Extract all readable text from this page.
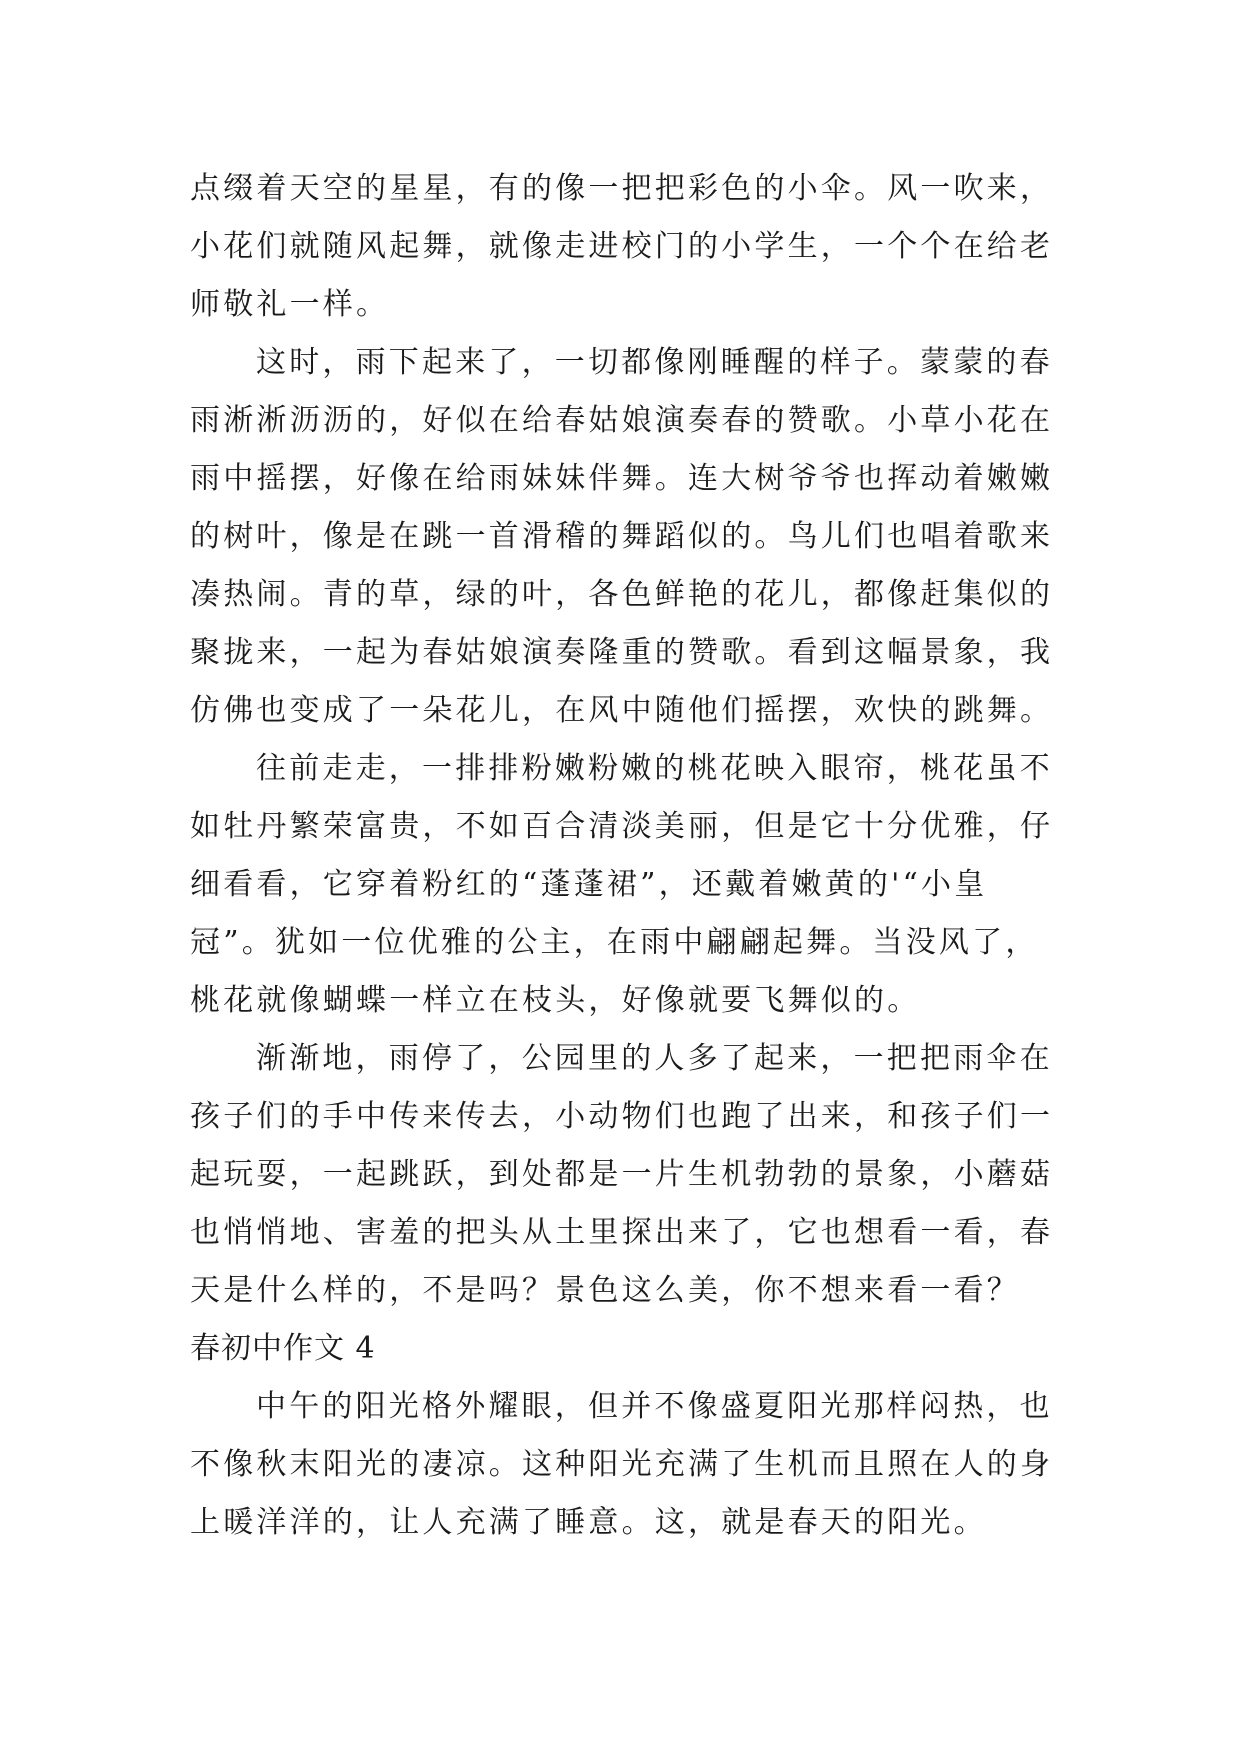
点缀着天空的星星，有的像一把把彩色的小伞。风一吹来，
小花们就随风起舞，就像走进校门的小学生，一个个在给老
师敬礼一样。
这时，雨下起来了，一切都像刚睡醒的样子。蒙蒙的春
雨淅淅沥沥的，好似在给春姑娘演奏春的赞歌。小草小花在
雨中摇摆，好像在给雨妹妹伴舞。连大树爷爷也挥动着嫩嫩
的树叶，像是在跳一首滑稽的舞蹈似的。鸟儿们也唱着歌来
凑热闹。青的草，绿的叶，各色鲜艳的花儿，都像赶集似的
聚拢来，一起为春姑娘演奏隆重的赞歌。看到这幅景象，我
仿佛也变成了一朵花儿，在风中随他们摇摆，欢快的跳舞。
往前走走，一排排粉嫩粉嫩的桃花映入眼帘，桃花虽不
如牡丹繁荣富贵，不如百合清淡美丽，但是它十分优雅，仔
细看看，它穿着粉红的“蓬蓬裙”，还戴着嫩黄的'“小皇
冠”。犹如一位优雅的公主，在雨中翩翩起舞。当没风了，
桃花就像蝴蝶一样立在枝头，好像就要飞舞似的。
渐渐地，雨停了，公园里的人多了起来，一把把雨伞在
孩子们的手中传来传去，小动物们也跑了出来，和孩子们一
起玩耍，一起跳跃，到处都是一片生机勃勃的景象，小蘑菇
也悄悄地、害羞的把头从土里探出来了，它也想看一看，春
天是什么样的，不是吗？景色这么美，你不想来看一看？
春初中作文 4
中午的阳光格外耀眼，但并不像盛夏阳光那样闷热，也
不像秋末阳光的凄凉。这种阳光充满了生机而且照在人的身
上暖洋洋的，让人充满了睡意。这，就是春天的阳光。
